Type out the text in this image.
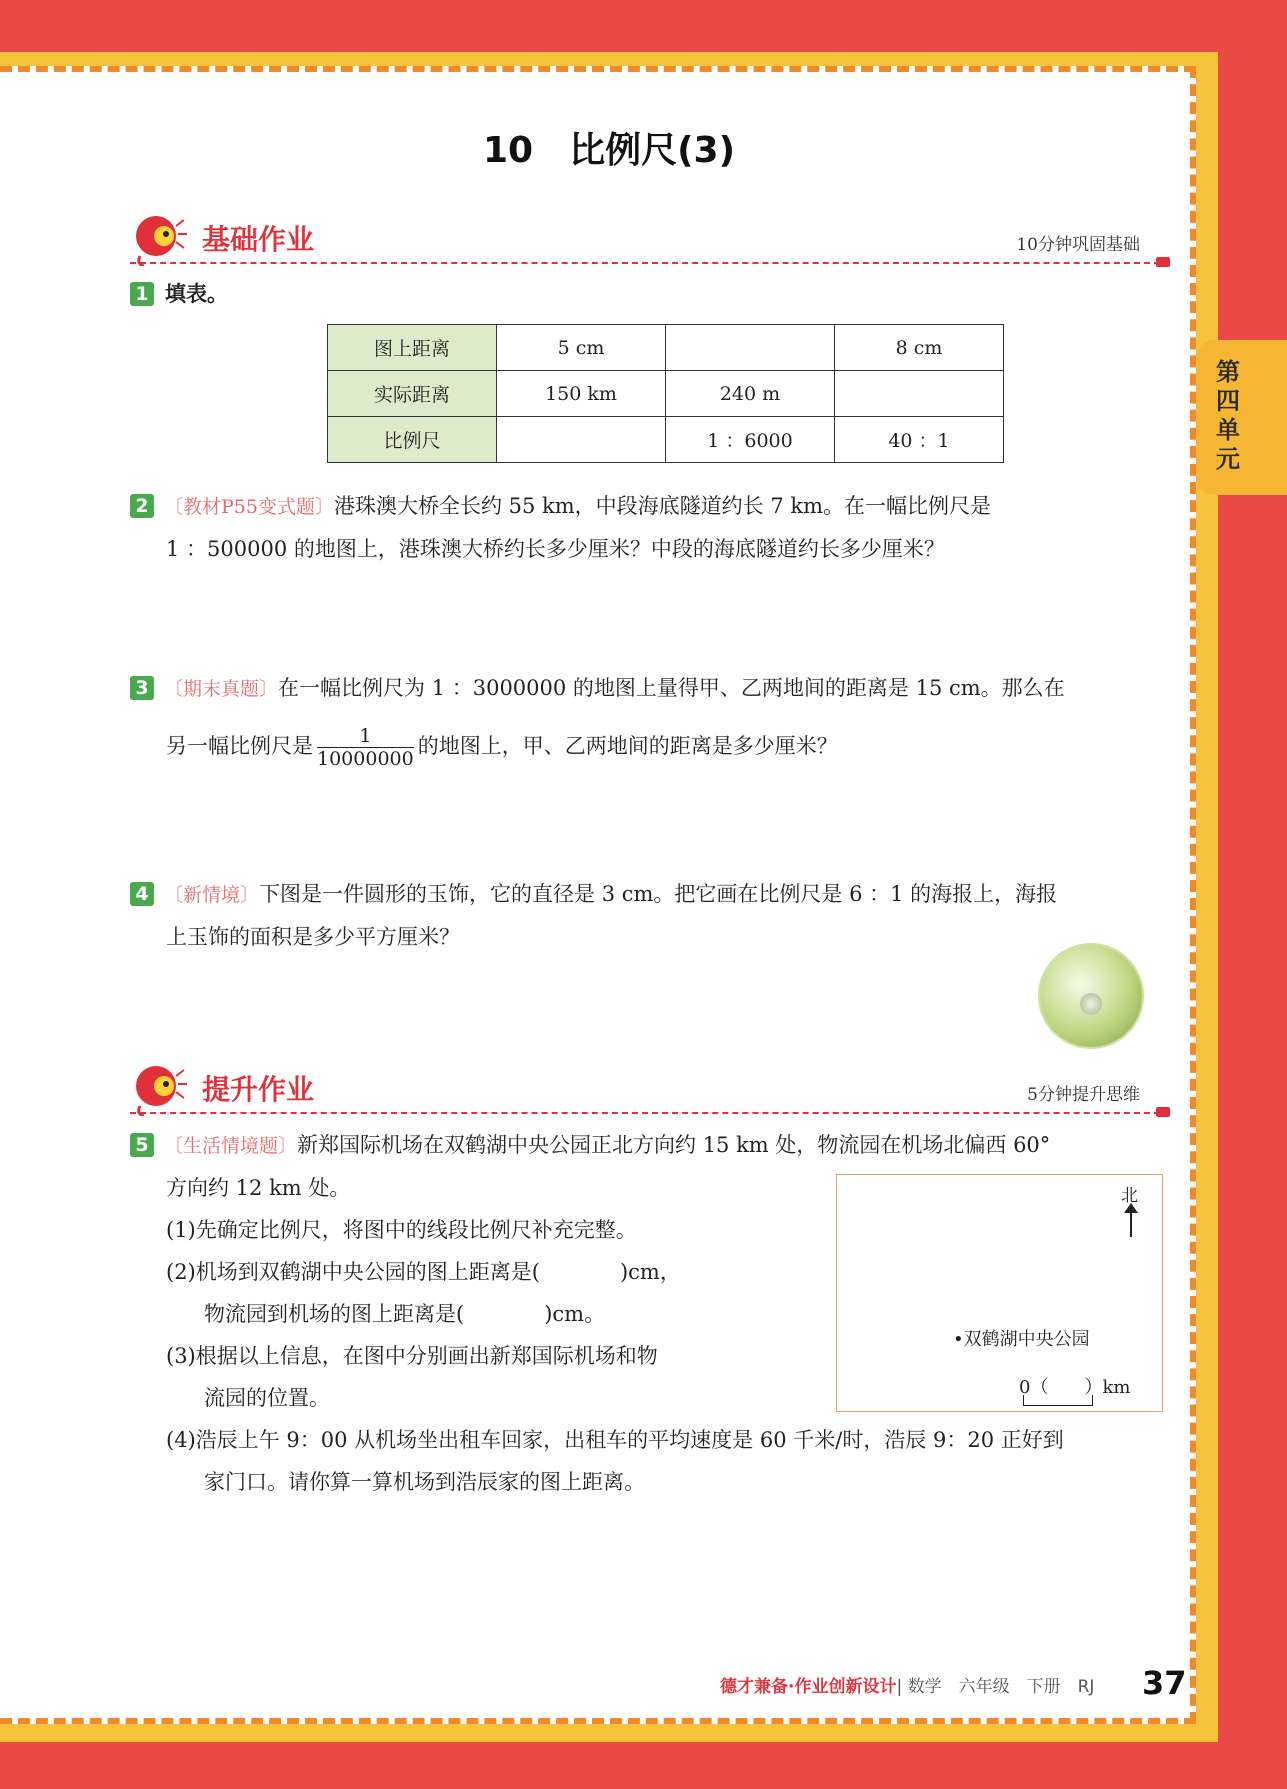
10　比例尺(3)
第四单元
基础作业	10分钟巩固基础
1 填表。
图上距离	5 cm		8 cm
实际距离	150 km	240 m	
比例尺		1 ：6000	40 ：1
2 〔教材P55变式题〕港珠澳大桥全长约 55 km，中段海底隧道约长 7 km。在一幅比例尺是
1 ：500000 的地图上，港珠澳大桥约长多少厘米？中段的海底隧道约长多少厘米？
3 〔期末真题〕在一幅比例尺为 1 ：3000000 的地图上量得甲、乙两地间的距离是 15 cm。那么在
另一幅比例尺是 $\frac{1}{10000000}$ 的地图上，甲、乙两地间的距离是多少厘米？
4 〔新情境〕下图是一件圆形的玉饰，它的直径是 3 cm。把它画在比例尺是 6 ：1 的海报上，海报
上玉饰的面积是多少平方厘米？
提升作业	5分钟提升思维
5 〔生活情境题〕新郑国际机场在双鹤湖中央公园正北方向约 15 km 处，物流园在机场北偏西 60°
方向约 12 km 处。
(1)先确定比例尺，将图中的线段比例尺补充完整。
(2)机场到双鹤湖中央公园的图上距离是(	)cm，
物流园到机场的图上距离是(	)cm。
(3)根据以上信息，在图中分别画出新郑国际机场和物
流园的位置。
(4)浩辰上午 9：00 从机场坐出租车回家，出租车的平均速度是 60 千米/时，浩辰 9：20 正好到
家门口。请你算一算机场到浩辰家的图上距离。
北
•双鹤湖中央公园
0（　　）km
德才兼备·作业创新设计| 数学　六年级　下册　RJ 37
